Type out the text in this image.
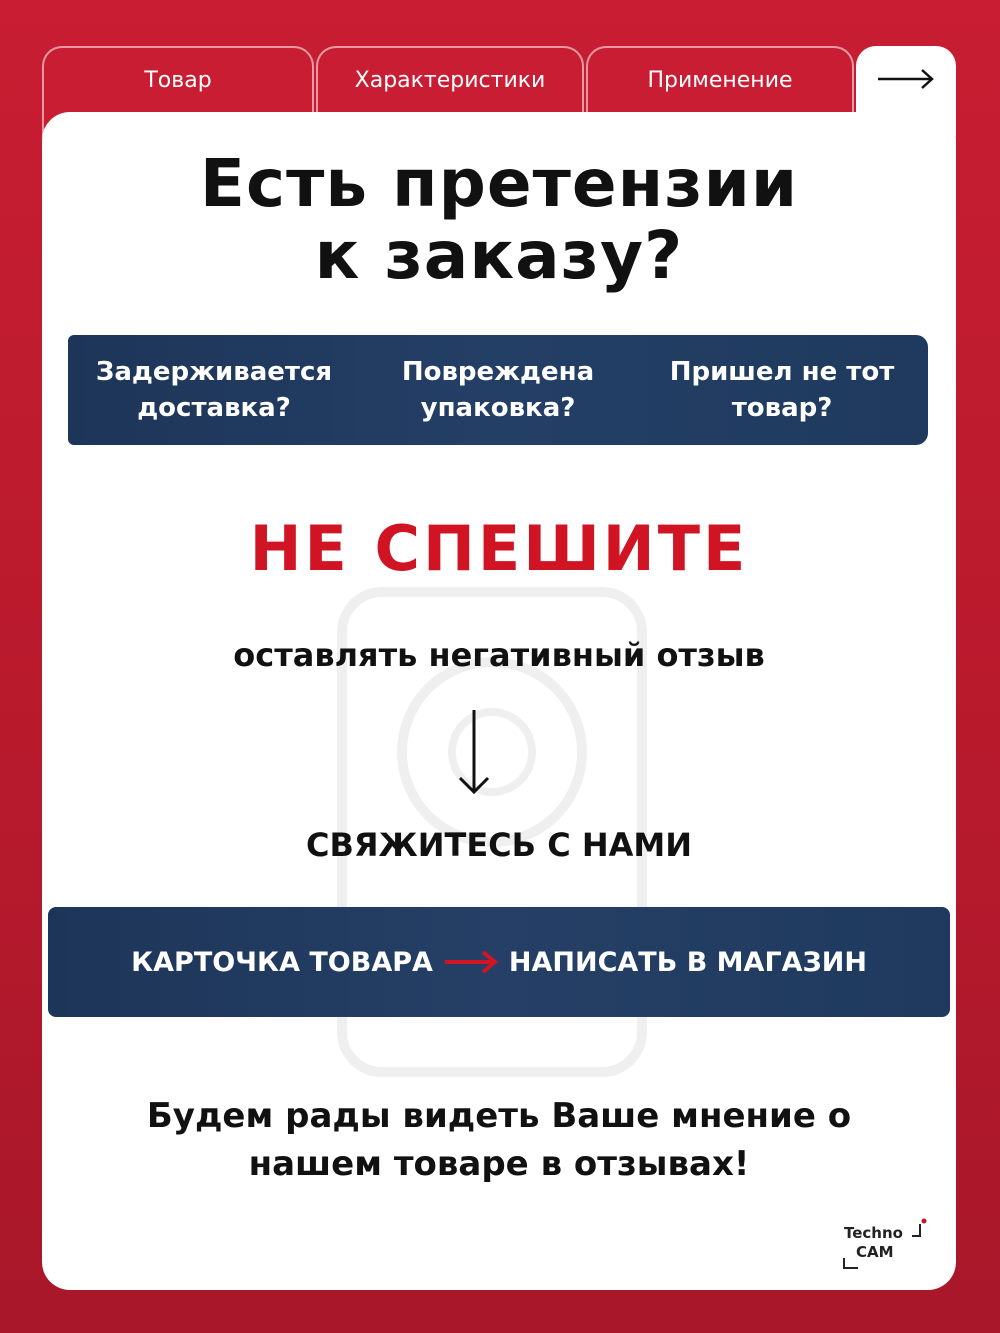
Товар	Характеристики	Применение
Есть претензии
к заказу?
Задерживается
доставка?
Повреждена
упаковка?
Пришел не тот
товар?
НЕ СПЕШИТЕ
оставлять негативный отзыв
СВЯЖИТЕСЬ С НАМИ
КАРТОЧКА ТОВАРА	НАПИСАТЬ В МАГАЗИН
Будем рады видеть Ваше мнение о
нашем товаре в отзывах!
Techno
CAM
